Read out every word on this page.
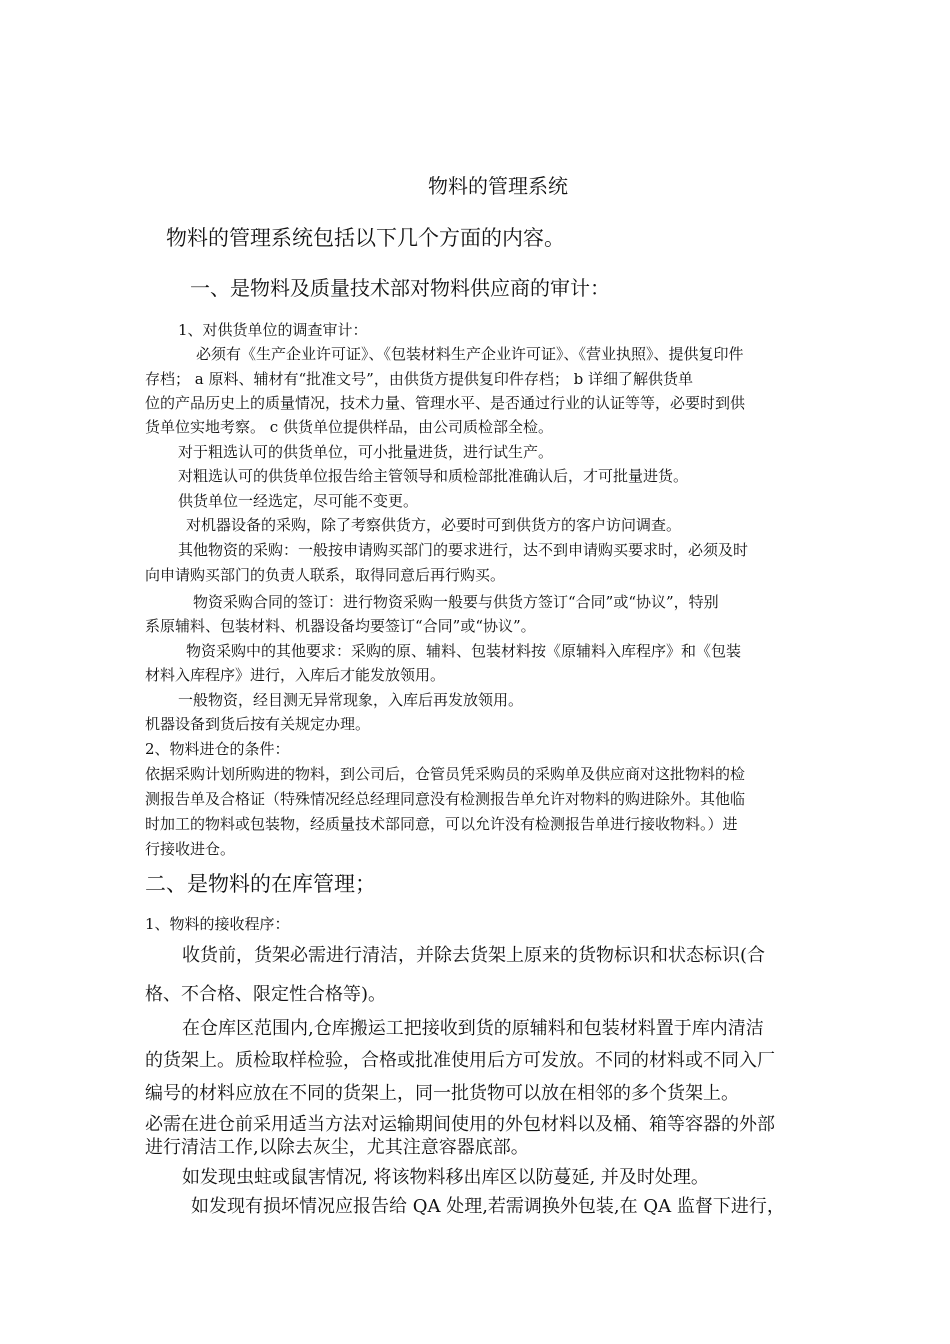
物料的管理系统
物料的管理系统包括以下几个方面的内容。
一、是物料及质量技术部对物料供应商的审计：
1、对供货单位的调查审计：
必须有《生产企业许可证》、《包装材料生产企业许可证》、《营业执照》、提供复印件
存档； a 原料、辅材有“批准文号”，由供货方提供复印件存档； b 详细了解供货单
位的产品历史上的质量情况，技术力量、管理水平、是否通过行业的认证等等，必要时到供
货单位实地考察。 c 供货单位提供样品，由公司质检部全检。
对于粗选认可的供货单位，可小批量进货，进行试生产。
对粗选认可的供货单位报告给主管领导和质检部批准确认后，才可批量进货。
供货单位一经选定，尽可能不变更。
对机器设备的采购，除了考察供货方，必要时可到供货方的客户访问调查。
其他物资的采购：一般按申请购买部门的要求进行，达不到申请购买要求时，必须及时
向申请购买部门的负责人联系，取得同意后再行购买。
物资采购合同的签订：进行物资采购一般要与供货方签订“合同”或“协议”，特别
系原辅料、包装材料、机器设备均要签订“合同”或“协议”。
物资采购中的其他要求：采购的原、辅料、包装材料按《原辅料入库程序》和《包装
材料入库程序》进行，入库后才能发放领用。
一般物资，经目测无异常现象，入库后再发放领用。
机器设备到货后按有关规定办理。
2、物料进仓的条件：
依据采购计划所购进的物料，到公司后，仓管员凭采购员的采购单及供应商对这批物料的检
测报告单及合格证（特殊情况经总经理同意没有检测报告单允许对物料的购进除外。其他临
时加工的物料或包装物，经质量技术部同意，可以允许没有检测报告单进行接收物料。）进
行接收进仓。
二、是物料的在库管理；
1、物料的接收程序：
收货前，货架必需进行清洁，并除去货架上原来的货物标识和状态标识(合
格、不合格、限定性合格等)。
在仓库区范围内,仓库搬运工把接收到货的原辅料和包装材料置于库内清洁
的货架上。质检取样检验，合格或批准使用后方可发放。不同的材料或不同入厂
编号的材料应放在不同的货架上，同一批货物可以放在相邻的多个货架上。
必需在进仓前采用适当方法对运输期间使用的外包材料以及桶、箱等容器的外部
进行清洁工作,以除去灰尘，尤其注意容器底部。
如发现虫蛀或鼠害情况, 将该物料移出库区以防蔓延, 并及时处理。
如发现有损坏情况应报告给 QA 处理,若需调换外包装,在 QA 监督下进行，
